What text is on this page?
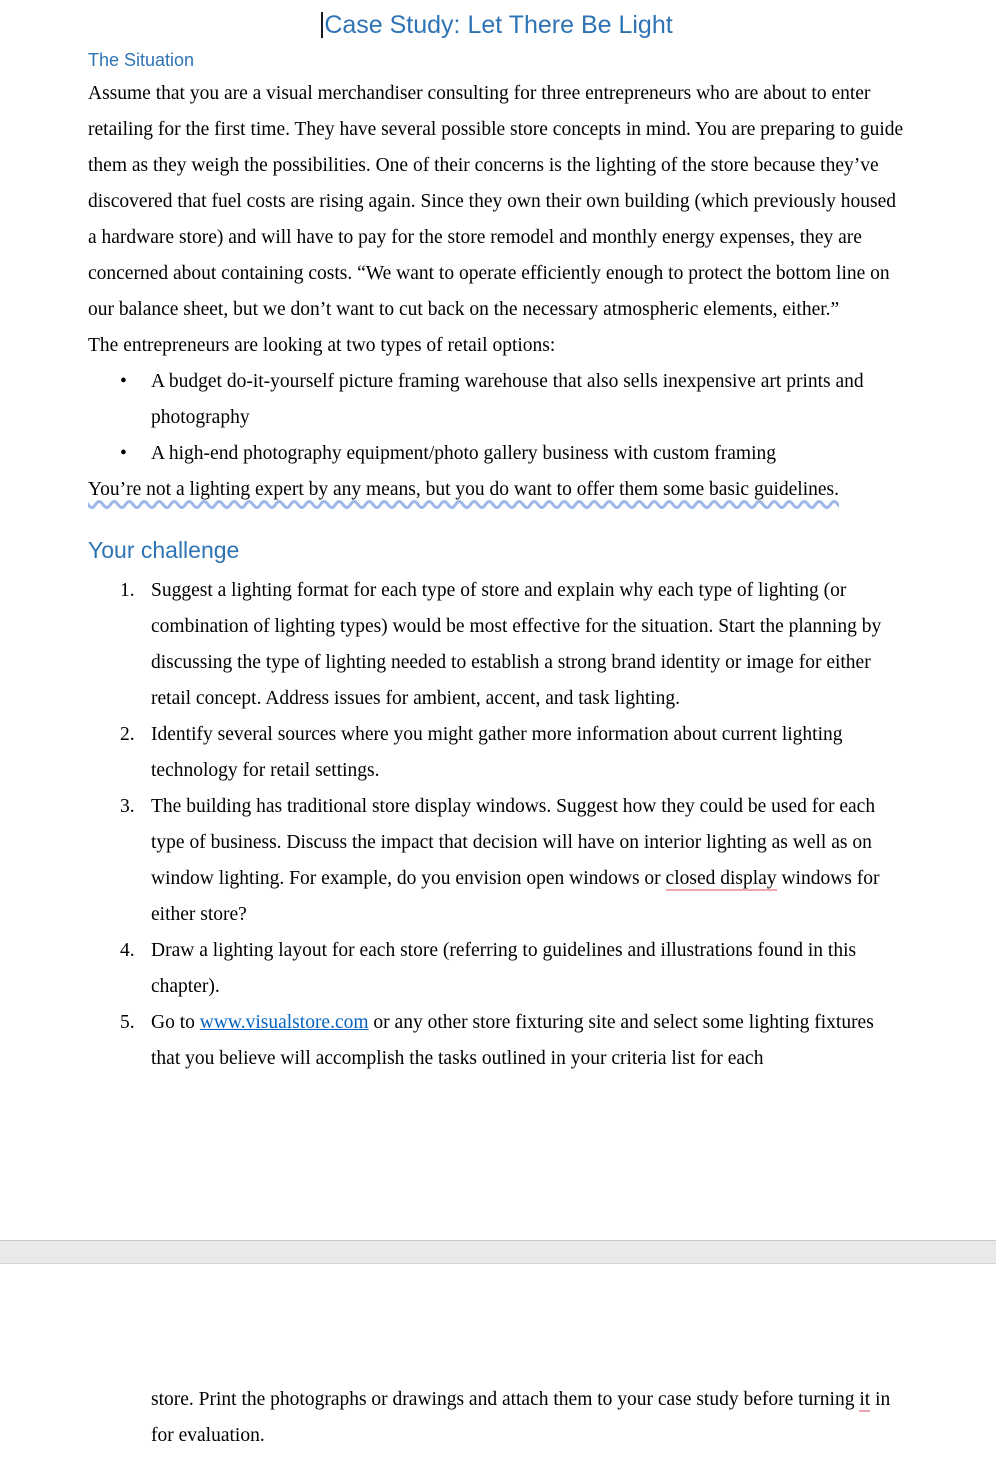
Case Study: Let There Be Light
The Situation
Assume that you are a visual merchandiser consulting for three entrepreneurs who are about to enter retailing for the first time. They have several possible store concepts in mind. You are preparing to guide them as they weigh the possibilities. One of their concerns is the lighting of the store because they’ve discovered that fuel costs are rising again. Since they own their own building (which previously housed a hardware store) and will have to pay for the store remodel and monthly energy expenses, they are concerned about containing costs. “We want to operate efficiently enough to protect the bottom line on our balance sheet, but we don’t want to cut back on the necessary atmospheric elements, either.”
The entrepreneurs are looking at two types of retail options:
•	A budget do-it-yourself picture framing warehouse that also sells inexpensive art prints and photography
•	A high-end photography equipment/photo gallery business with custom framing
You’re not a lighting expert by any means, but you do want to offer them some basic guidelines.
Your challenge
1. Suggest a lighting format for each type of store and explain why each type of lighting (or combination of lighting types) would be most effective for the situation. Start the planning by discussing the type of lighting needed to establish a strong brand identity or image for either retail concept. Address issues for ambient, accent, and task lighting.
2. Identify several sources where you might gather more information about current lighting technology for retail settings.
3. The building has traditional store display windows. Suggest how they could be used for each type of business. Discuss the impact that decision will have on interior lighting as well as on window lighting. For example, do you envision open windows or closed display windows for either store?
4. Draw a lighting layout for each store (referring to guidelines and illustrations found in this chapter).
5. Go to www.visualstore.com or any other store fixturing site and select some lighting fixtures that you believe will accomplish the tasks outlined in your criteria list for each
store. Print the photographs or drawings and attach them to your case study before turning it in for evaluation.
